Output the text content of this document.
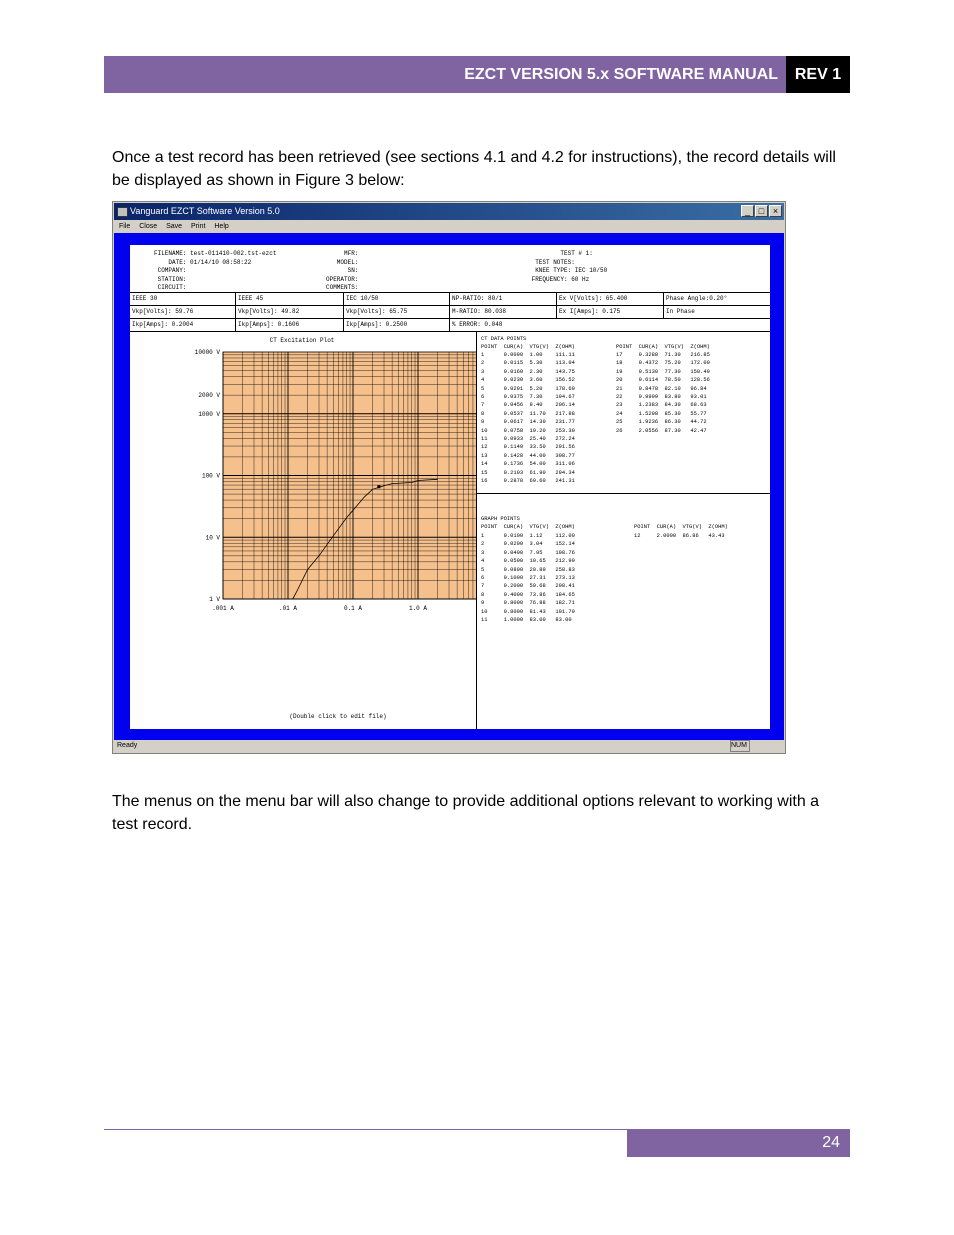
EZCT VERSION 5.x SOFTWARE MANUAL	REV 1
Once a test record has been retrieved (see sections 4.1 and 4.2 for instructions), the record details will be displayed as shown in Figure 3 below:
Vanguard EZCT Software Version 5.0	_ □ ×
File Close Save Print Help
FILENAME: test-011410-002.tst-ezct
DATE: 01/14/10 08:58:22
COMPANY:
STATION:
CIRCUIT:
MFR:
MODEL:
SN:
OPERATOR:
COMMENTS:
TEST # 1:
TEST NOTES:
KNEE TYPE: IEC 10/50
FREQUENCY: 60 Hz
IEEE 30	IEEE 45	IEC 10/50	NP-RATIO: 80/1	Ex V[Volts]: 65.400	Phase Angle:0.20°
Vkp[Volts]: 59.76	Vkp[Volts]: 49.82	Vkp[Volts]: 65.75	M-RATIO: 80.038	Ex I[Amps]: 0.175	In Phase
Ikp[Amps]: 0.2004	Ikp[Amps]: 0.1606	Ikp[Amps]: 0.2500	% ERROR: 0.048
CT DATA POINTS
POINT  CUR(A)  VTG(V)  Z(OHM)	POINT  CUR(A)  VTG(V)  Z(OHM)
1      0.0090  1.00    111.11
2      0.0115  5.30    113.04
3      0.0160  2.30    143.75
4      0.0230  3.60    156.52
5      0.0291  5.20    178.69
6      0.0375  7.30    194.67
7      0.0456  9.40    206.14
8      0.0537  11.70   217.88
9      0.0617  14.30   231.77
10     0.0758  19.20   253.30
11     0.0933  25.40   272.24
12     0.1149  33.50   291.56
13     0.1428  44.00   308.77
14     0.1736  54.00   311.06
15     0.2103  61.90   294.34
16     0.2878  69.60   241.31
17     0.3288  71.30   216.85
18     0.4372  75.20   172.00
19     0.5130  77.30   150.49
20     0.6114  78.50   128.56
21     0.8478  82.10   96.84
22     0.9999  83.80   93.01
23     1.2383  84.30   68.63
24     1.5298  85.30   55.77
25     1.9236  86.30   44.72
26     2.0556  87.30   42.47
GRAPH POINTS
POINT  CUR(A)  VTG(V)  Z(OHM)	POINT  CUR(A)  VTG(V)  Z(OHM)
1      0.0100  1.12    112.00
2      0.0200  3.04    152.14
3      0.0400  7.95    198.76
4      0.0500  10.65   212.99
5      0.0800  20.89   258.83
6      0.1000  27.31   273.13
7      0.2000  59.68   298.41
8      0.4000  73.86   184.65
9      0.8000  76.88   182.71
10     0.8000  81.43   101.79
11     1.0000  83.00   83.00
12     2.0000  86.86   43.43
CT Excitation Plot
.001 A	.01 A	0.1 A	1.0 A
1 V
10 V
100 V
1000 V
2000 V
10000 V
(Double click to edit file)
Ready	NUM
The menus on the menu bar will also change to provide additional options relevant to working with a test record.
24
